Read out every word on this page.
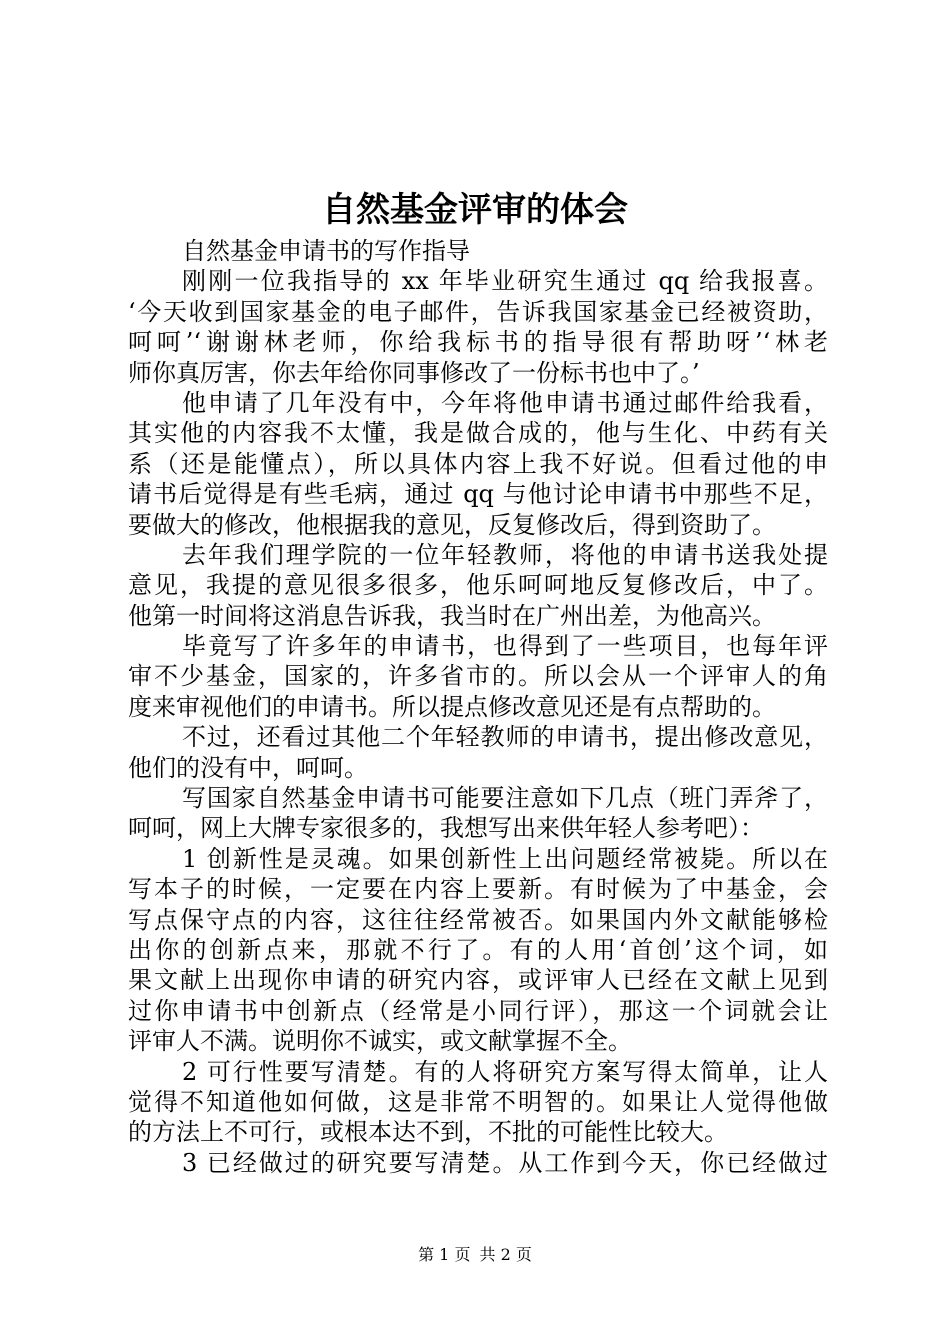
自然基金评审的体会
自然基金申请书的写作指导
刚刚一位我指导的 xx 年毕业研究生通过 qq 给我报喜。
‘今天收到国家基金的电子邮件，告诉我国家基金已经被资助，
呵呵’‘谢谢林老师，你给我标书的指导很有帮助呀’‘林老
师你真厉害，你去年给你同事修改了一份标书也中了。’
他申请了几年没有中，今年将他申请书通过邮件给我看，
其实他的内容我不太懂，我是做合成的，他与生化、中药有关
系（还是能懂点），所以具体内容上我不好说。但看过他的申
请书后觉得是有些毛病，通过 qq 与他讨论申请书中那些不足，
要做大的修改，他根据我的意见，反复修改后，得到资助了。
去年我们理学院的一位年轻教师，将他的申请书送我处提
意见，我提的意见很多很多，他乐呵呵地反复修改后，中了。
他第一时间将这消息告诉我，我当时在广州出差，为他高兴。
毕竟写了许多年的申请书，也得到了一些项目，也每年评
审不少基金，国家的，许多省市的。所以会从一个评审人的角
度来审视他们的申请书。所以提点修改意见还是有点帮助的。
不过，还看过其他二个年轻教师的申请书，提出修改意见，
他们的没有中，呵呵。
写国家自然基金申请书可能要注意如下几点（班门弄斧了，
呵呵，网上大牌专家很多的，我想写出来供年轻人参考吧）：
1 创新性是灵魂。如果创新性上出问题经常被毙。所以在
写本子的时候，一定要在内容上要新。有时候为了中基金，会
写点保守点的内容，这往往经常被否。如果国内外文献能够检
出你的创新点来，那就不行了。有的人用‘首创’这个词，如
果文献上出现你申请的研究内容，或评审人已经在文献上见到
过你申请书中创新点（经常是小同行评），那这一个词就会让
评审人不满。说明你不诚实，或文献掌握不全。
2 可行性要写清楚。有的人将研究方案写得太简单，让人
觉得不知道他如何做，这是非常不明智的。如果让人觉得他做
的方法上不可行，或根本达不到，不批的可能性比较大。
3 已经做过的研究要写清楚。从工作到今天，你已经做过
第 1 页 共 2 页
